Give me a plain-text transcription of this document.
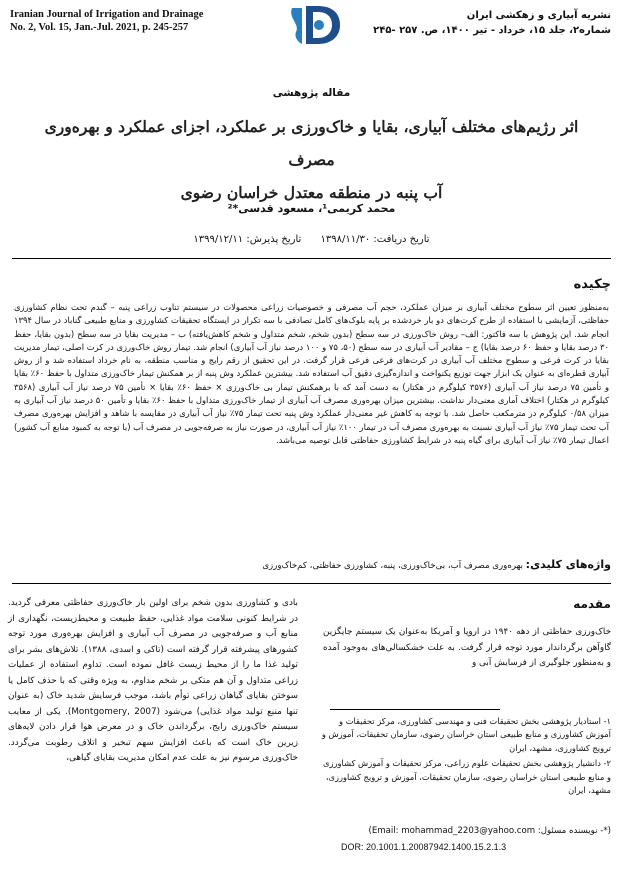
Iranian Journal of Irrigation and Drainage
No. 2, Vol. 15, Jan.-Jul. 2021, p. 245-257
نشریه آبیاری و زهکشی ایران
شماره۲، جلد ۱۵، خرداد - تیر ۱۴۰۰، ص. ۲۵۷ -۲۴۵
مقاله پژوهشی
اثر رژیم‌های مختلف آبیاری، بقایا و خاک‌ورزی بر عملکرد، اجزای عملکرد و بهره‌وری مصرف
آب پنبه در منطقه معتدل خراسان رضوی
محمد کریمی¹، مسعود قدسی*²
تاریخ دریافت: ۱۳۹۸/۱۱/۳۰ تاریخ پذیرش: ۱۳۹۹/۱۲/۱۱
چکیده

به‌منظور تعیین اثر سطوح مختلف آبیاری بر میزان عملکرد، حجم آب مصرفی و خصوصیات زراعی محصولات در سیستم تناوب زراعی پنبه – گندم تحت نظام کشاورزی حفاظتی، آزمایشی با استفاده از طرح کرت‌های دو بار خردشده بر پایه بلوک‌های کامل تصادفی با سه تکرار در ایستگاه تحقیقات کشاورزی و منابع طبیعی گناباد در سال ۱۳۹۴ انجام شد. این پژوهش با سه فاکتور: الف– روش خاک‌ورزی در سه سطح (بدون شخم، شخم متداول و شخم کاهش‌یافته) ب – مدیریت بقایا در سه سطح (بدون بقایا، حفظ ۳۰ درصد بقایا و حفظ ۶۰ درصد بقایا) ج – مقادیر آب آبیاری در سه سطح (۵۰، ۷۵ و ۱۰۰ درصد نیاز آب آبیاری) انجام شد. تیمار روش خاک‌ورزی در کرت اصلی، تیمار مدیریت بقایا در کرت فرعی و سطوح مختلف آب آبیاری در کرت‌های فرعی فرعی قرار گرفت. در این تحقیق از رقم رایج و مناسب منطقه، به نام خرداد استفاده شد و از روش آبیاری قطره‌ای به عنوان یک ابزار جهت توزیع یکنواخت و اندازه‌گیری دقیق آب استفاده شد. بیشترین عملکرد وش پنبه از بر همکنش تیمار خاک‌ورزی متداول با حفظ ۶۰٪ بقایا و تأمین ۷۵ درصد نیاز آب آبیاری (۳۵۷۶ کیلوگرم در هکتار) به دست آمد که با برهمکنش تیمار بی خاک‌ورزی × حفظ ۶۰٪ بقایا × تأمین ۷۵ درصد نیاز آب آبیاری (۳۵۶۸ کیلوگرم در هکتار) اختلاف آماری معنی‌دار نداشت. بیشترین میزان بهره‌وری مصرف آب آبیاری از تیمار خاک‌ورزی متداول با حفظ ۶۰٪ بقایا و تأمین ۵۰ درصد نیاز آب آبیاری به میزان ۰/۵۸ کیلوگرم در مترمکعب حاصل شد. با توجه به کاهش غیر معنی‌دار عملکرد وش پنبه تحت تیمار ۷۵٪ نیاز آب آبیاری در مقایسه با شاهد و افزایش بهره‌وری مصرف آب تحت تیمار ۷۵٪ نیاز آب آبیاری نسبت به بهره‌وری مصرف آب در تیمار ۱۰۰٪ نیاز آب آبیاری، در صورت نیاز به صرفه‌جویی در مصرف آب (با توجه به کمبود منابع آب کشور) اعمال تیمار ۷۵٪ نیاز آب آبیاری برای گیاه پنبه در شرایط کشاورزی حفاظتی قابل توصیه می‌باشد.

واژه‌های کلیدی: بهره‌وری مصرف آب، بی‌خاک‌ورزی، پنبه، کشاورزی حفاظتی، کم‌خاک‌ورزی
مقدمه

خاک‌ورزی حفاظتی از دهه ۱۹۴۰ در اروپا و آمریکا به‌عنوان یک سیستم جایگزین گاوآهن برگرداندار مورد توجه قرار گرفت. به علت خشکسالی‌های به‌وجود آمده و به‌منظور جلوگیری از فرسایش آبی و

بادی و کشاورزی بدون شخم برای اولین بار خاک‌ورزی حفاظتی معرفی گردید. در شرایط کنونی سلامت مواد غذایی، حفظ طبیعت و محیط‌زیست، نگهداری از منابع آب و صرفه‌جویی در مصرف آب آبیاری و افزایش بهره‌وری مورد توجه کشورهای پیشرفته قرار گرفته است (تاکی و اسدی، ۱۳۸۸). تلاش‌های بشر برای تولید غذا ما را از محیط زیست غافل نموده است. تداوم استفاده از عملیات زراعی متداول و آن هم متکی بر شخم مداوم، به ویژه وقتی که با حذف کامل یا سوختن بقایای گیاهان زراعی توأم باشد، موجب فرسایش شدید خاک (به عنوان تنها منبع تولید مواد غذایی) می‌شود (Montgomery, 2007). یکی از معایب سیستم خاک‌ورزی رایج، برگرداندن خاک و در معرض هوا قرار دادن لایه‌های زیرین خاک است که باعث افزایش سهم تبخیر و اتلاف رطوبت می‌گردد. خاک‌ورزی مرسوم نیز به علت عدم امکان مدیریت بقایای گیاهی،

۱- استادیار پژوهشی بخش تحقیقات فنی و مهندسی کشاورزی، مرکز تحقیقات و آموزش کشاورزی و منابع طبیعی استان خراسان رضوی، سازمان تحقیقات، آموزش و ترویج کشاورزی، مشهد، ایران

۲- دانشیار پژوهشی بخش تحقیقات علوم زراعی، مرکز تحقیقات و آموزش کشاورزی و منابع طبیعی استان خراسان رضوی، سازمان تحقیقات، آموزش و ترویج کشاورزی، مشهد، ایران

(*- نویسنده مسئول: Email: mohammad_2203@yahoo.com)
DOR: 20.1001.1.20087942.1400.15.2.1.3
